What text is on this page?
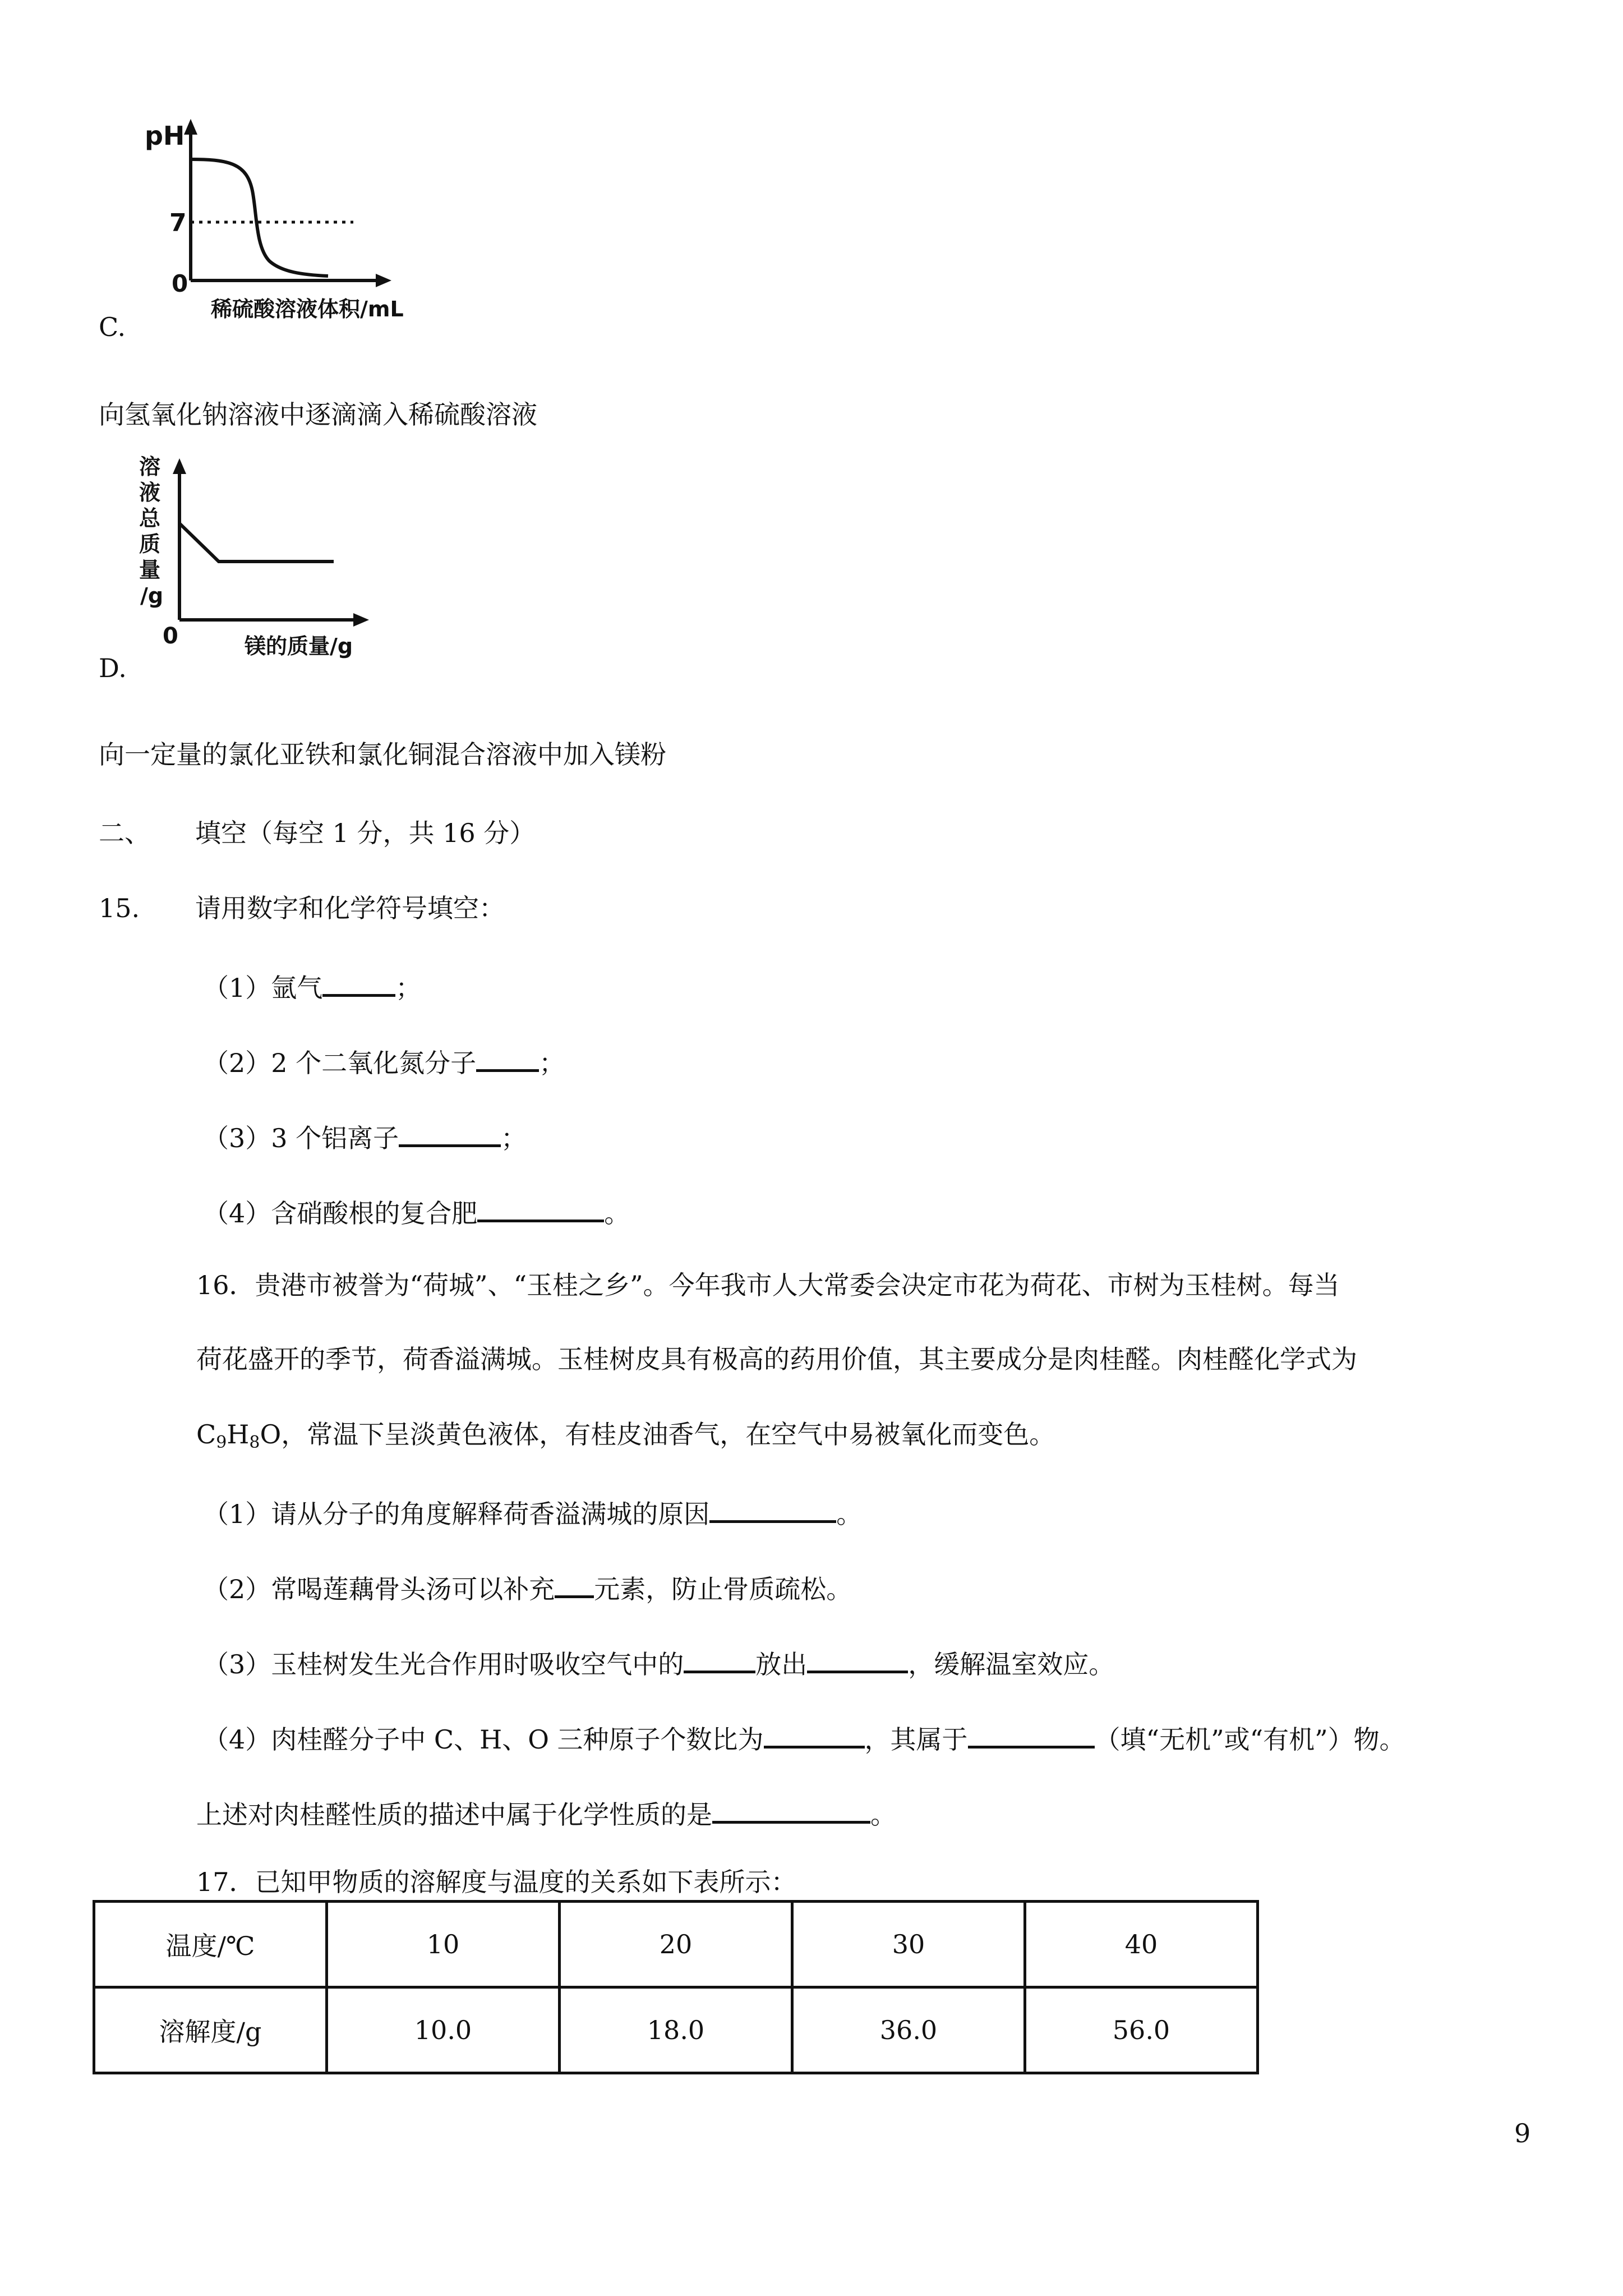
pH
7
0
稀硫酸溶液体积/mL
C.
向氢氧化钠溶液中逐滴滴入稀硫酸溶液
溶
液
总
质
量
/g
0	镁的质量/g
D.
向一定量的氯化亚铁和氯化铜混合溶液中加入镁粉
二、 填空（每空 1 分，共 16 分）
15. 请用数字和化学符号填空：
（1）氩气	；
（2）2 个二氧化氮分子 ；
（3）3 个铝离子	；
（4）含硝酸根的复合肥	。
16．贵港市被誉为“荷城”、“玉桂之乡”。今年我市人大常委会决定市花为荷花、市树为玉桂树。每当
荷花盛开的季节，荷香溢满城。玉桂树皮具有极高的药用价值，其主要成分是肉桂醛。肉桂醛化学式为
$C_9H_8O$，常温下呈淡黄色液体，有桂皮油香气，在空气中易被氧化而变色。
（1）请从分子的角度解释荷香溢满城的原因	。
（2）常喝莲藕骨头汤可以补充 元素，防止骨质疏松。
（3）玉桂树发生光合作用时吸收空气中的	放出	，缓解温室效应。
（4）肉桂醛分子中 C、H、O 三种原子个数比为	，其属于	（填“无机”或“有机”）物。
上述对肉桂醛性质的描述中属于化学性质的是	。
17．已知甲物质的溶解度与温度的关系如下表所示：
温度/℃	10	20	30	40
溶解度/g	10.0	18.0	36.0	56.0
9
